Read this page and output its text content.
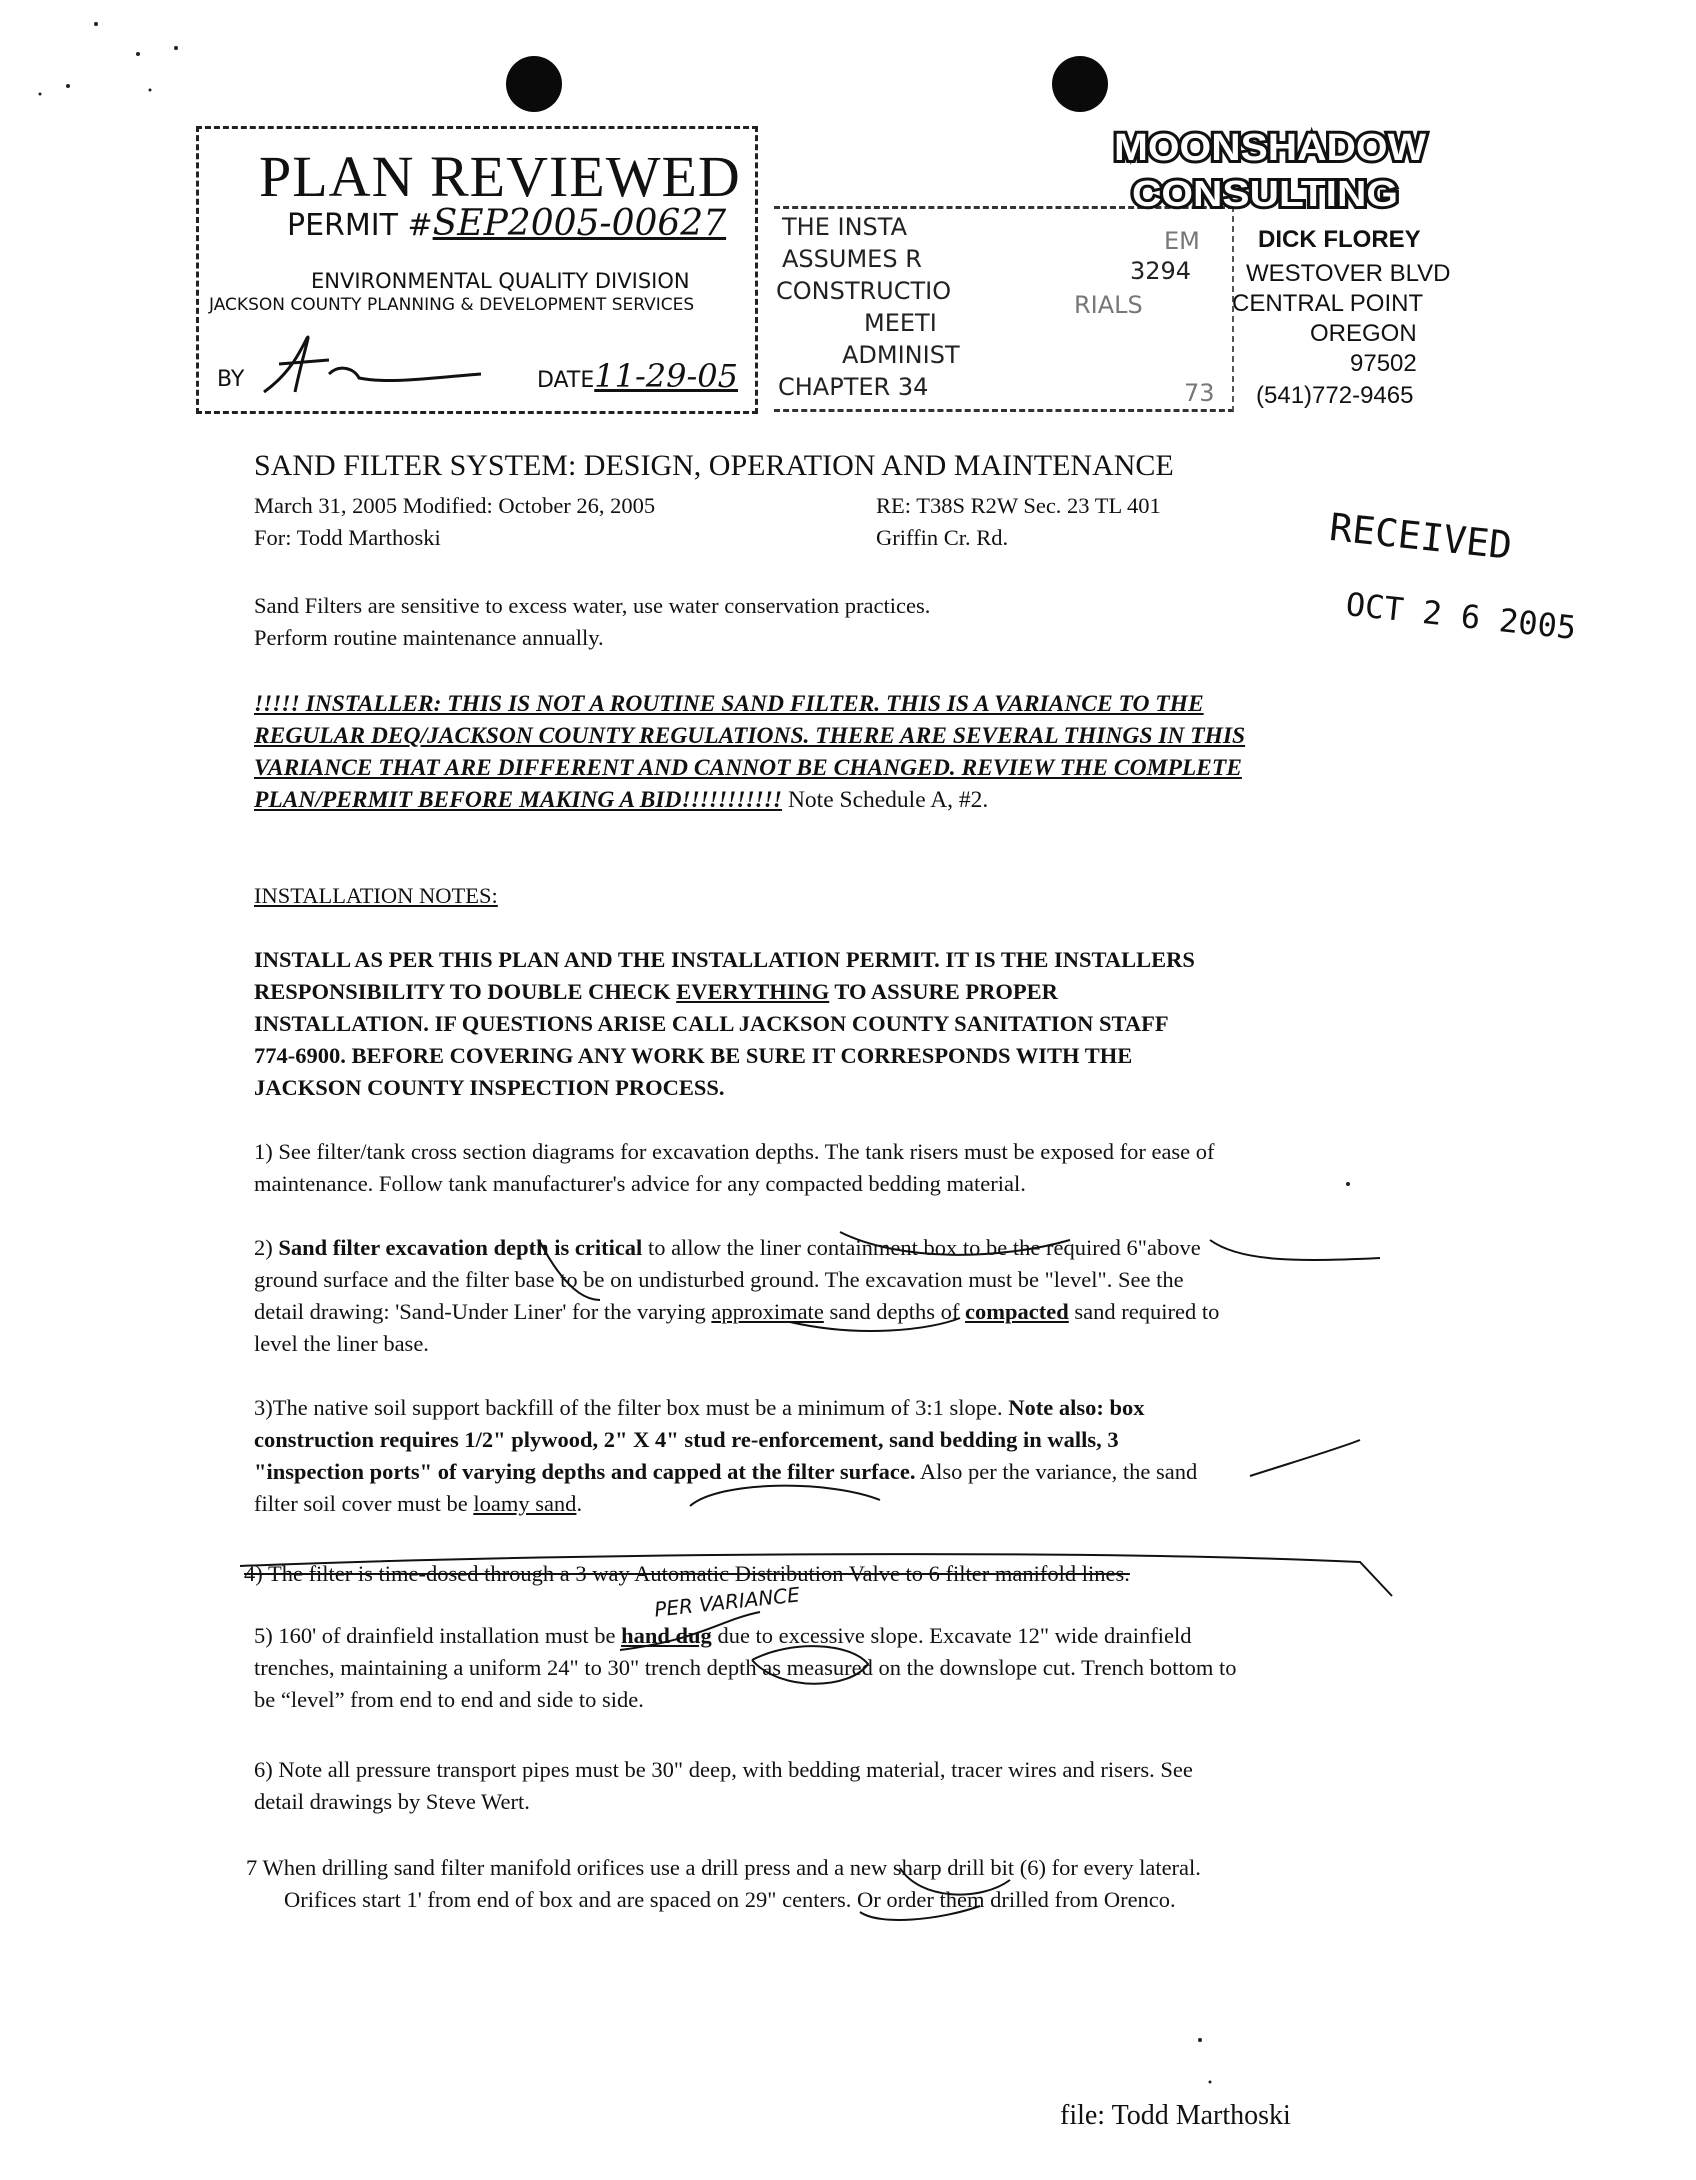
PLAN REVIEWED
PERMIT #SEP2005-00627
ENVIRONMENTAL QUALITY DIVISION
JACKSON COUNTY PLANNING & DEVELOPMENT SERVICES
BY	DATE11-29-05
THE INSTA
ASSUMES R
CONSTRUCTIO
MEETI
ADMINIST
CHAPTER 34
EM
3294
RIALS
73
MOONSHADOW
CONSULTING
DICK FLOREY
WESTOVER BLVD
CENTRAL POINT
OREGON
97502
(541)772-9465
RECEIVED
OCT 2 6 2005
SAND FILTER SYSTEM: DESIGN, OPERATION AND MAINTENANCE
March 31, 2005 Modified: October 26, 2005	RE: T38S R2W Sec. 23 TL 401
For: Todd Marthoski	Griffin Cr. Rd.
Sand Filters are sensitive to excess water, use water conservation practices.
Perform routine maintenance annually.
!!!!! INSTALLER: THIS IS NOT A ROUTINE SAND FILTER. THIS IS A VARIANCE TO THE
REGULAR DEQ/JACKSON COUNTY REGULATIONS. THERE ARE SEVERAL THINGS IN THIS
VARIANCE THAT ARE DIFFERENT AND CANNOT BE CHANGED. REVIEW THE COMPLETE
PLAN/PERMIT BEFORE MAKING A BID!!!!!!!!!!! Note Schedule A, #2.
INSTALLATION NOTES:
INSTALL AS PER THIS PLAN AND THE INSTALLATION PERMIT. IT IS THE INSTALLERS
RESPONSIBILITY TO DOUBLE CHECK EVERYTHING TO ASSURE PROPER
INSTALLATION. IF QUESTIONS ARISE CALL JACKSON COUNTY SANITATION STAFF
774-6900. BEFORE COVERING ANY WORK BE SURE IT CORRESPONDS WITH THE
JACKSON COUNTY INSPECTION PROCESS.
1) See filter/tank cross section diagrams for excavation depths. The tank risers must be exposed for ease of
maintenance. Follow tank manufacturer's advice for any compacted bedding material.
2) Sand filter excavation depth is critical to allow the liner containment box to be the required 6"above
ground surface and the filter base to be on undisturbed ground. The excavation must be "level". See the
detail drawing: 'Sand-Under Liner' for the varying approximate sand depths of compacted sand required to
level the liner base.
3)The native soil support backfill of the filter box must be a minimum of 3:1 slope. Note also: box
construction requires 1/2" plywood, 2" X 4" stud re-enforcement, sand bedding in walls, 3
"inspection ports" of varying depths and capped at the filter surface. Also per the variance, the sand
filter soil cover must be loamy sand.
4) The filter is time-dosed through a 3 way Automatic Distribution Valve to 6 filter manifold lines.
PER VARIANCE
5) 160' of drainfield installation must be hand dug due to excessive slope. Excavate 12" wide drainfield
trenches, maintaining a uniform 24" to 30" trench depth as measured on the downslope cut. Trench bottom to
be “level” from end to end and side to side.
6) Note all pressure transport pipes must be 30" deep, with bedding material, tracer wires and risers. See
detail drawings by Steve Wert.
7 When drilling sand filter manifold orifices use a drill press and a new sharp drill bit (6) for every lateral.
Orifices start 1' from end of box and are spaced on 29" centers. Or order them drilled from Orenco.
file: Todd Marthoski
